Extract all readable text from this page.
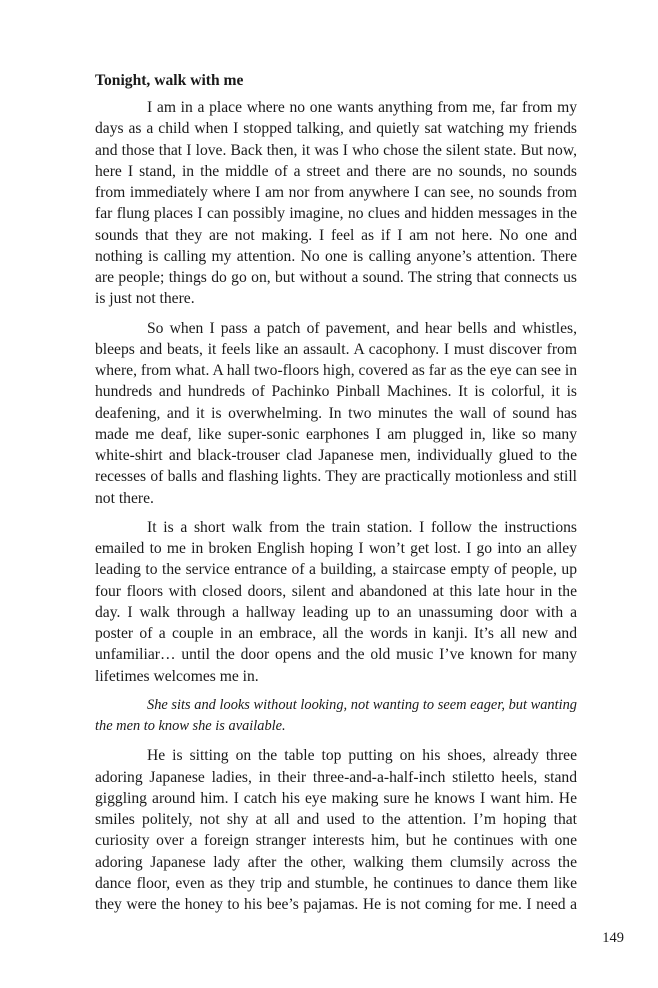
Tonight, walk with me

I am in a place where no one wants anything from me, far from my days as a child when I stopped talking, and quietly sat watching my friends and those that I love. Back then, it was I who chose the silent state. But now, here I stand, in the middle of a street and there are no sounds, no sounds from immediately where I am nor from anywhere I can see, no sounds from far flung places I can possibly imagine, no clues and hidden messages in the sounds that they are not making. I feel as if I am not here. No one and nothing is calling my attention. No one is calling anyone’s attention. There are people; things do go on, but without a sound. The string that connects us is just not there.

So when I pass a patch of pavement, and hear bells and whistles, bleeps and beats, it feels like an assault. A cacophony. I must discover from where, from what. A hall two-floors high, covered as far as the eye can see in hundreds and hundreds of Pachinko Pinball Machines. It is colorful, it is deafening, and it is overwhelming. In two minutes the wall of sound has made me deaf, like super-sonic earphones I am plugged in, like so many white-shirt and black-trouser clad Japanese men, individually glued to the recesses of balls and flashing lights. They are practically motionless and still not there.

It is a short walk from the train station. I follow the instructions emailed to me in broken English hoping I won’t get lost. I go into an alley leading to the service entrance of a building, a staircase empty of people, up four floors with closed doors, silent and abandoned at this late hour in the day. I walk through a hallway leading up to an unassuming door with a poster of a couple in an embrace, all the words in kanji. It’s all new and unfamiliar… until the door opens and the old music I’ve known for many lifetimes welcomes me in.

She sits and looks without looking, not wanting to seem eager, but wanting the men to know she is available.

He is sitting on the table top putting on his shoes, already three adoring Japanese ladies, in their three-and-a-half-inch stiletto heels, stand giggling around him. I catch his eye making sure he knows I want him. He smiles politely, not shy at all and used to the attention. I’m hoping that curiosity over a foreign stranger interests him, but he continues with one adoring Japanese lady after the other, walking them clumsily across the dance floor, even as they trip and stumble, he continues to dance them like they were the honey to his bee’s pajamas. He is not coming for me. I need a

149
